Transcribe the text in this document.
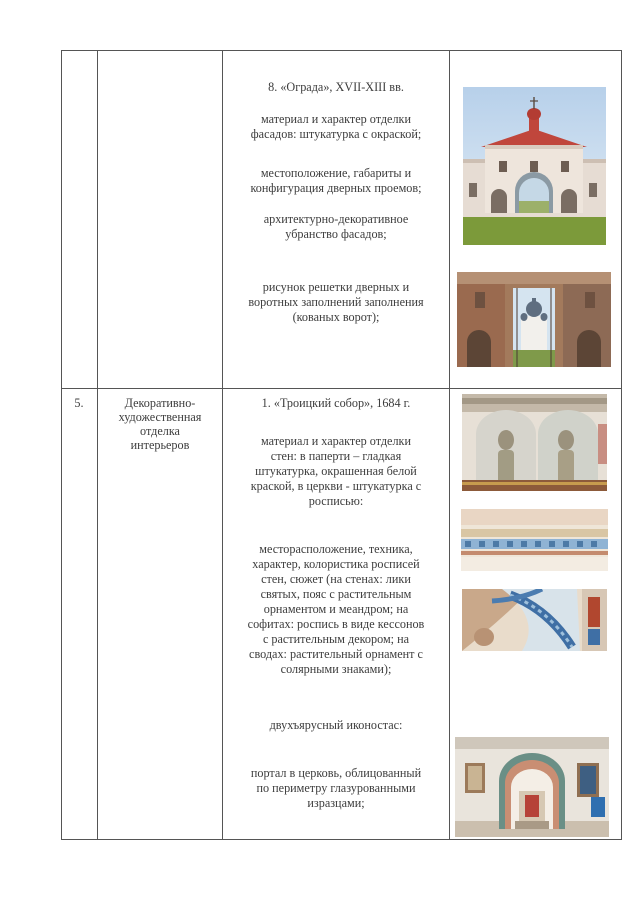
8. «Ограда», XVII-XIII вв.
материал и характер отделки
фасадов: штукатурка с окраской;
местоположение, габариты и
конфигурация дверных проемов;
архитектурно-декоративное
убранство фасадов;
рисунок решетки дверных и
воротных заполнений заполнения
(кованых ворот);
5.	Декоративно-
художественная
отделка
интерьеров
1. «Троицкий собор», 1684 г.
материал и характер отделки
стен: в паперти – гладкая
штукатурка, окрашенная белой
краской, в церкви - штукатурка с
росписью:
месторасположение, техника,
характер, колористика росписей
стен, сюжет (на стенах: лики
святых, пояс с растительным
орнаментом и меандром; на
софитах: роспись в виде кессонов
с растительным декором; на
сводах: растительный орнамент с
солярными знаками);
двухъярусный иконостас:
портал в церковь, облицованный
по периметру глазурованными
изразцами;
